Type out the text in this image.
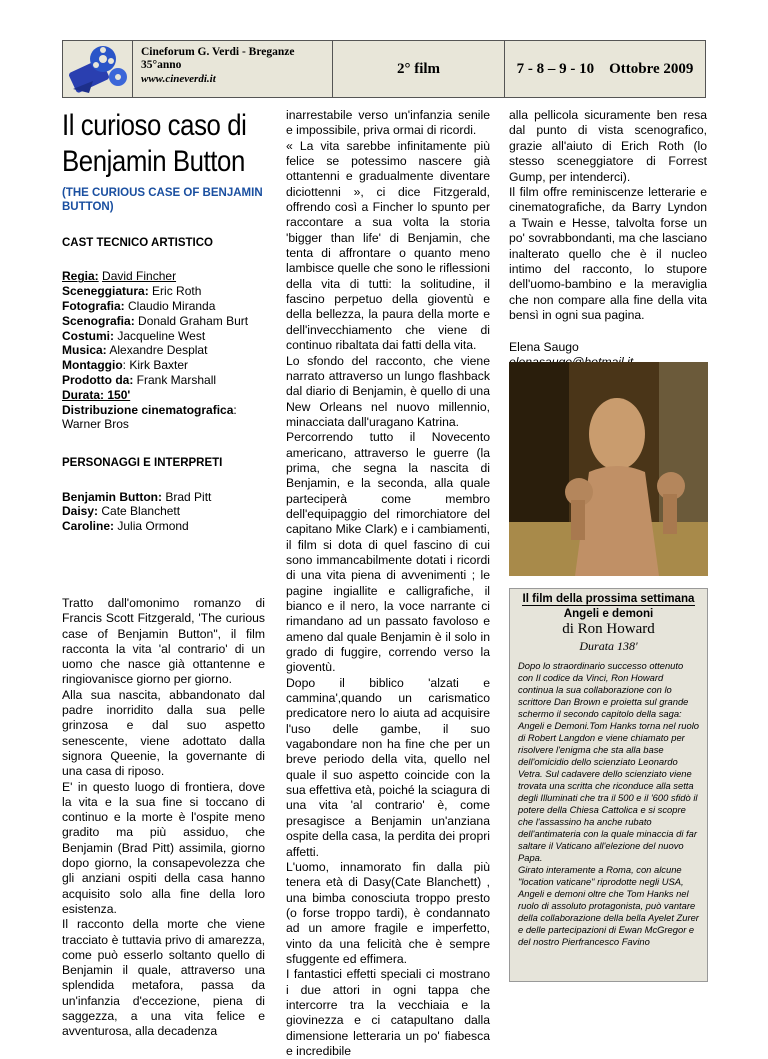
Cineforum G. Verdi - Breganze
35°anno
www.cineverdi.it
2° film	7 - 8 – 9 - 10    Ottobre 2009
Il curioso caso di Benjamin Button
(THE CURIOUS CASE OF BENJAMIN BUTTON)
CAST TECNICO ARTISTICO

Regia: David Fincher

Sceneggiatura: Eric Roth

Fotografia: Claudio Miranda

Scenografia: Donald Graham Burt

Costumi: Jacqueline West

Musica: Alexandre Desplat

Montaggio: Kirk Baxter

Prodotto da: Frank Marshall

Durata: 150'

Distribuzione cinematografica:

Warner Bros

PERSONAGGI E INTERPRETI

Benjamin Button: Brad Pitt

Daisy: Cate Blanchett

Caroline: Julia Ormond

Tratto dall'omonimo romanzo di Francis Scott Fitzgerald, 'The curious case of Benjamin Button", il film racconta la vita 'al contrario' di un uomo che nasce già ottantenne e ringiovanisce giorno per giorno.
Alla sua nascita, abbandonato dal padre inorridito dalla sua pelle grinzosa e dal suo aspetto senescente, viene adottato dalla signora Queenie, la governante di una casa di riposo.
E' in questo luogo di frontiera, dove la vita e la sua fine si toccano di continuo e la morte è l'ospite meno gradito ma più assiduo, che Benjamin (Brad Pitt) assimila, giorno dopo giorno, la consapevolezza che gli anziani ospiti della casa hanno acquisito solo alla fine della loro esistenza.
Il racconto della morte che viene tracciato è tuttavia privo di amarezza, come può esserlo soltanto quello di Benjamin il quale, attraverso una splendida metafora, passa da un'infanzia d'eccezione, piena di saggezza, a una vita felice e avventurosa, alla decadenza
inarrestabile verso un'infanzia senile e impossibile, priva ormai di ricordi.
« La vita sarebbe infinitamente più felice se potessimo nascere già ottantenni e gradualmente diventare diciottenni », ci dice Fitzgerald, offrendo così a Fincher lo spunto per raccontare a sua volta la storia 'bigger than life' di Benjamin, che tenta di affrontare o quanto meno lambisce quelle che sono le riflessioni della vita di tutti: la solitudine, il fascino perpetuo della gioventù e della bellezza, la paura della morte e dell'invecchiamento che viene di continuo ribaltata dai fatti della vita.
Lo sfondo del racconto, che viene narrato attraverso un lungo flashback dal diario di Benjamin, è quello di una New Orleans nel nuovo millennio, minacciata dall'uragano Katrina.
Percorrendo tutto il Novecento americano, attraverso le guerre (la prima, che segna la nascita di Benjamin, e la seconda, alla quale parteciperà come membro dell'equipaggio del rimorchiatore del capitano Mike Clark) e i cambiamenti, il film si dota di quel fascino di cui sono immancabilmente dotati i ricordi di una vita piena di avvenimenti ; le pagine ingiallite e calligrafiche, il bianco e il nero, la voce narrante ci rimandano ad un passato favoloso e ameno dal quale Benjamin è il solo in grado di fuggire, correndo verso la gioventù.
Dopo il biblico 'alzati e cammina',quando un carismatico predicatore nero lo aiuta ad acquisire l'uso delle gambe, il suo vagabondare non ha fine che per un breve periodo della vita, quello nel quale il suo aspetto coincide con la sua effettiva età, poiché la sciagura di una vita 'al contrario' è, come presagisce a Benjamin un'anziana ospite della casa, la perdita dei propri affetti.
L'uomo, innamorato fin dalla più tenera età di Dasy(Cate Blanchett) , una bimba conosciuta troppo presto (o forse troppo tardi), è condannato ad un amore fragile e imperfetto, vinto da una felicità che è sempre sfuggente ed effimera.
I fantastici effetti speciali ci mostrano i due attori in ogni tappa che intercorre tra la vecchiaia e la giovinezza e ci catapultano dalla dimensione letteraria un po' fiabesca e incredibile
alla pellicola sicuramente ben resa dal punto di vista scenografico, grazie all'aiuto di Erich Roth (lo stesso sceneggiatore di Forrest Gump, per intenderci).
Il film offre reminiscenze letterarie e cinematografiche, da Barry Lyndon a Twain e Hesse, talvolta forse un po' sovrabbondanti, ma che lasciano inalterato quello che è il nucleo intimo del racconto, lo stupore dell'uomo-bambino e la meraviglia che non compare alla fine della vita bensì in ogni sua pagina.
Elena Saugo
Il film della prossima settimana
Angeli e demoni
di Ron Howard
Durata 138'
Dopo lo straordinario successo ottenuto con Il codice da Vinci, Ron Howard continua la sua collaborazione con lo scrittore Dan Brown e proietta sul grande schermo il secondo capitolo della saga: Angeli e Demoni.Tom Hanks torna nel ruolo di Robert Langdon e viene chiamato per risolvere l'enigma che sta alla base dell'omicidio dello scienziato Leonardo Vetra. Sul cadavere dello scienziato viene trovata una scritta che riconduce alla setta degli Illuminati che tra il 500 e il '600 sfidò il potere della Chiesa Cattolica e si scopre che l'assassino ha anche rubato dell'antimateria con la quale minaccia di far saltare il Vaticano all'elezione del nuovo Papa.
Girato interamente a Roma, con alcune "location vaticane" riprodotte negli USA, Angeli e demoni oltre che Tom Hanks nel ruolo di assoluto protagonista, può vantare della collaborazione della bella Ayelet Zurer e delle partecipazioni di Ewan McGregor e del nostro Pierfrancesco Favino
